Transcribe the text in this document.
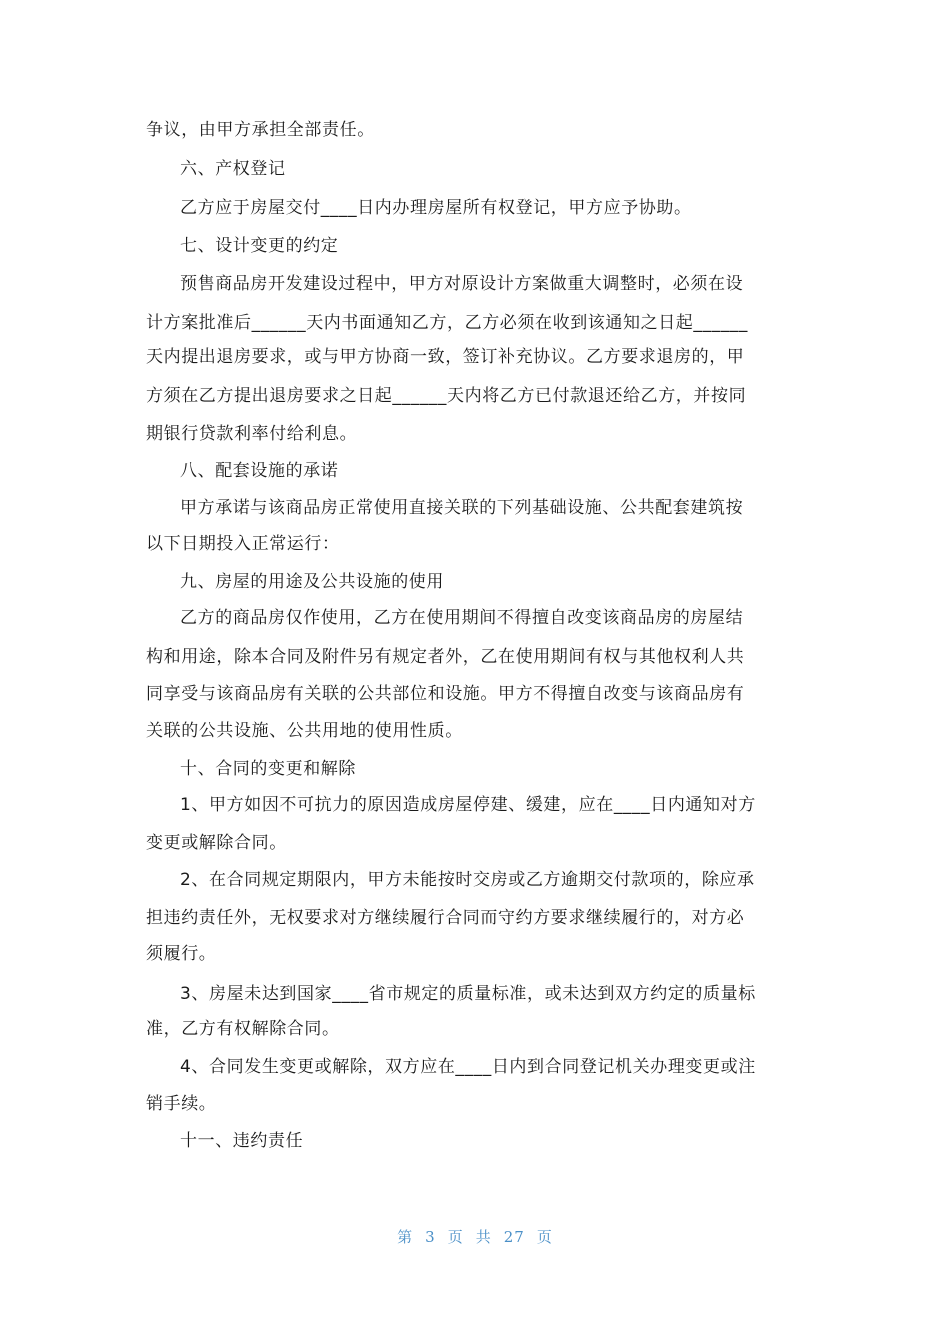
争议，由甲方承担全部责任。
六、产权登记
乙方应于房屋交付____日内办理房屋所有权登记，甲方应予协助。
七、设计变更的约定
预售商品房开发建设过程中，甲方对原设计方案做重大调整时，必须在设
计方案批准后______天内书面通知乙方，乙方必须在收到该通知之日起______
天内提出退房要求，或与甲方协商一致，签订补充协议。乙方要求退房的，甲
方须在乙方提出退房要求之日起______天内将乙方已付款退还给乙方，并按同
期银行贷款利率付给利息。
八、配套设施的承诺
甲方承诺与该商品房正常使用直接关联的下列基础设施、公共配套建筑按
以下日期投入正常运行：
九、房屋的用途及公共设施的使用
乙方的商品房仅作使用，乙方在使用期间不得擅自改变该商品房的房屋结
构和用途，除本合同及附件另有规定者外，乙在使用期间有权与其他权利人共
同享受与该商品房有关联的公共部位和设施。甲方不得擅自改变与该商品房有
关联的公共设施、公共用地的使用性质。
十、合同的变更和解除
1、甲方如因不可抗力的原因造成房屋停建、缓建，应在____日内通知对方
变更或解除合同。
2、在合同规定期限内，甲方未能按时交房或乙方逾期交付款项的，除应承
担违约责任外，无权要求对方继续履行合同而守约方要求继续履行的，对方必
须履行。
3、房屋未达到国家____省市规定的质量标准，或未达到双方约定的质量标
准，乙方有权解除合同。
4、合同发生变更或解除，双方应在____日内到合同登记机关办理变更或注
销手续。
十一、违约责任
第 3 页 共 27 页
